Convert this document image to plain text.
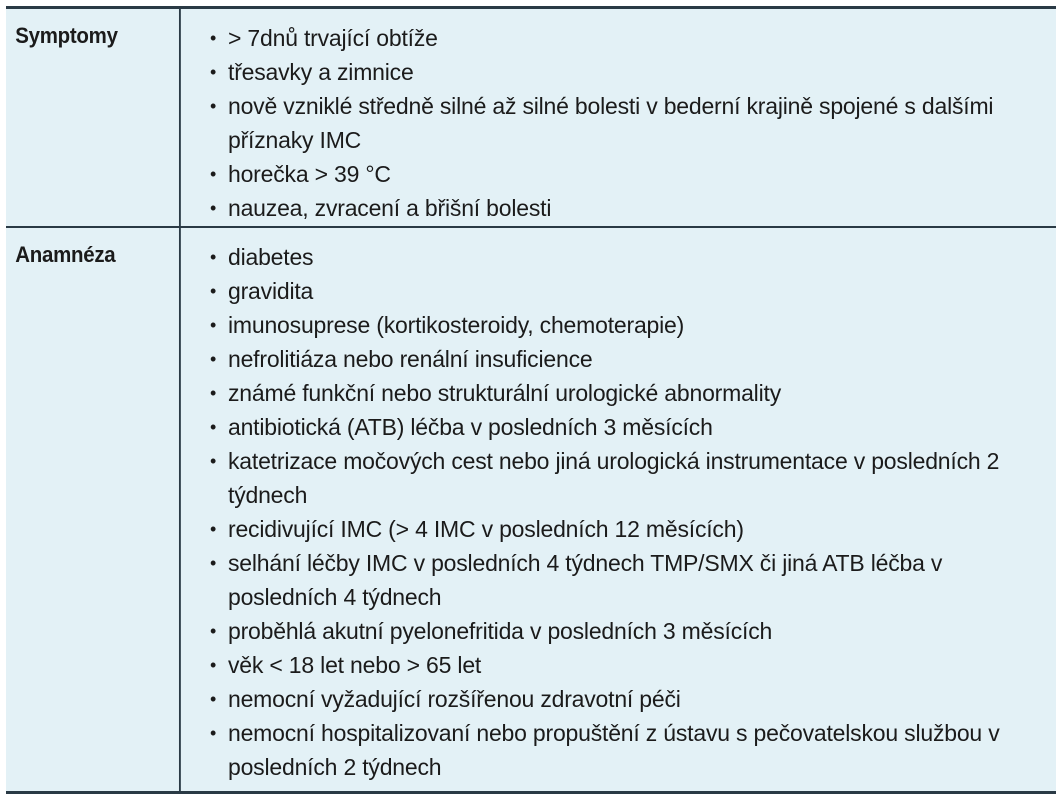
Symptomy	• > 7dnů trvající obtíže
• třesavky a zimnice
• nově vzniklé středně silné až silné bolesti v bederní krajině spojené s dalšími příznaky IMC
• horečka > 39 °C
• nauzea, zvracení a břišní bolesti
Anamnéza	• diabetes
• gravidita
• imunosuprese (kortikosteroidy, chemoterapie)
• nefrolitiáza nebo renální insuficience
• známé funkční nebo strukturální urologické abnormality
• antibiotická (ATB) léčba v posledních 3 měsících
• katetrizace močových cest nebo jiná urologická instrumentace v posledních 2 týdnech
• recidivující IMC (> 4 IMC v posledních 12 měsících)
• selhání léčby IMC v posledních 4 týdnech TMP/SMX či jiná ATB léčba v posledních 4 týdnech
• proběhlá akutní pyelonefritida v posledních 3 měsících
• věk < 18 let nebo > 65 let
• nemocní vyžadující rozšířenou zdravotní péči
• nemocní hospitalizovaní nebo propuštění z ústavu s pečovatelskou službou v posledních 2 týdnech
